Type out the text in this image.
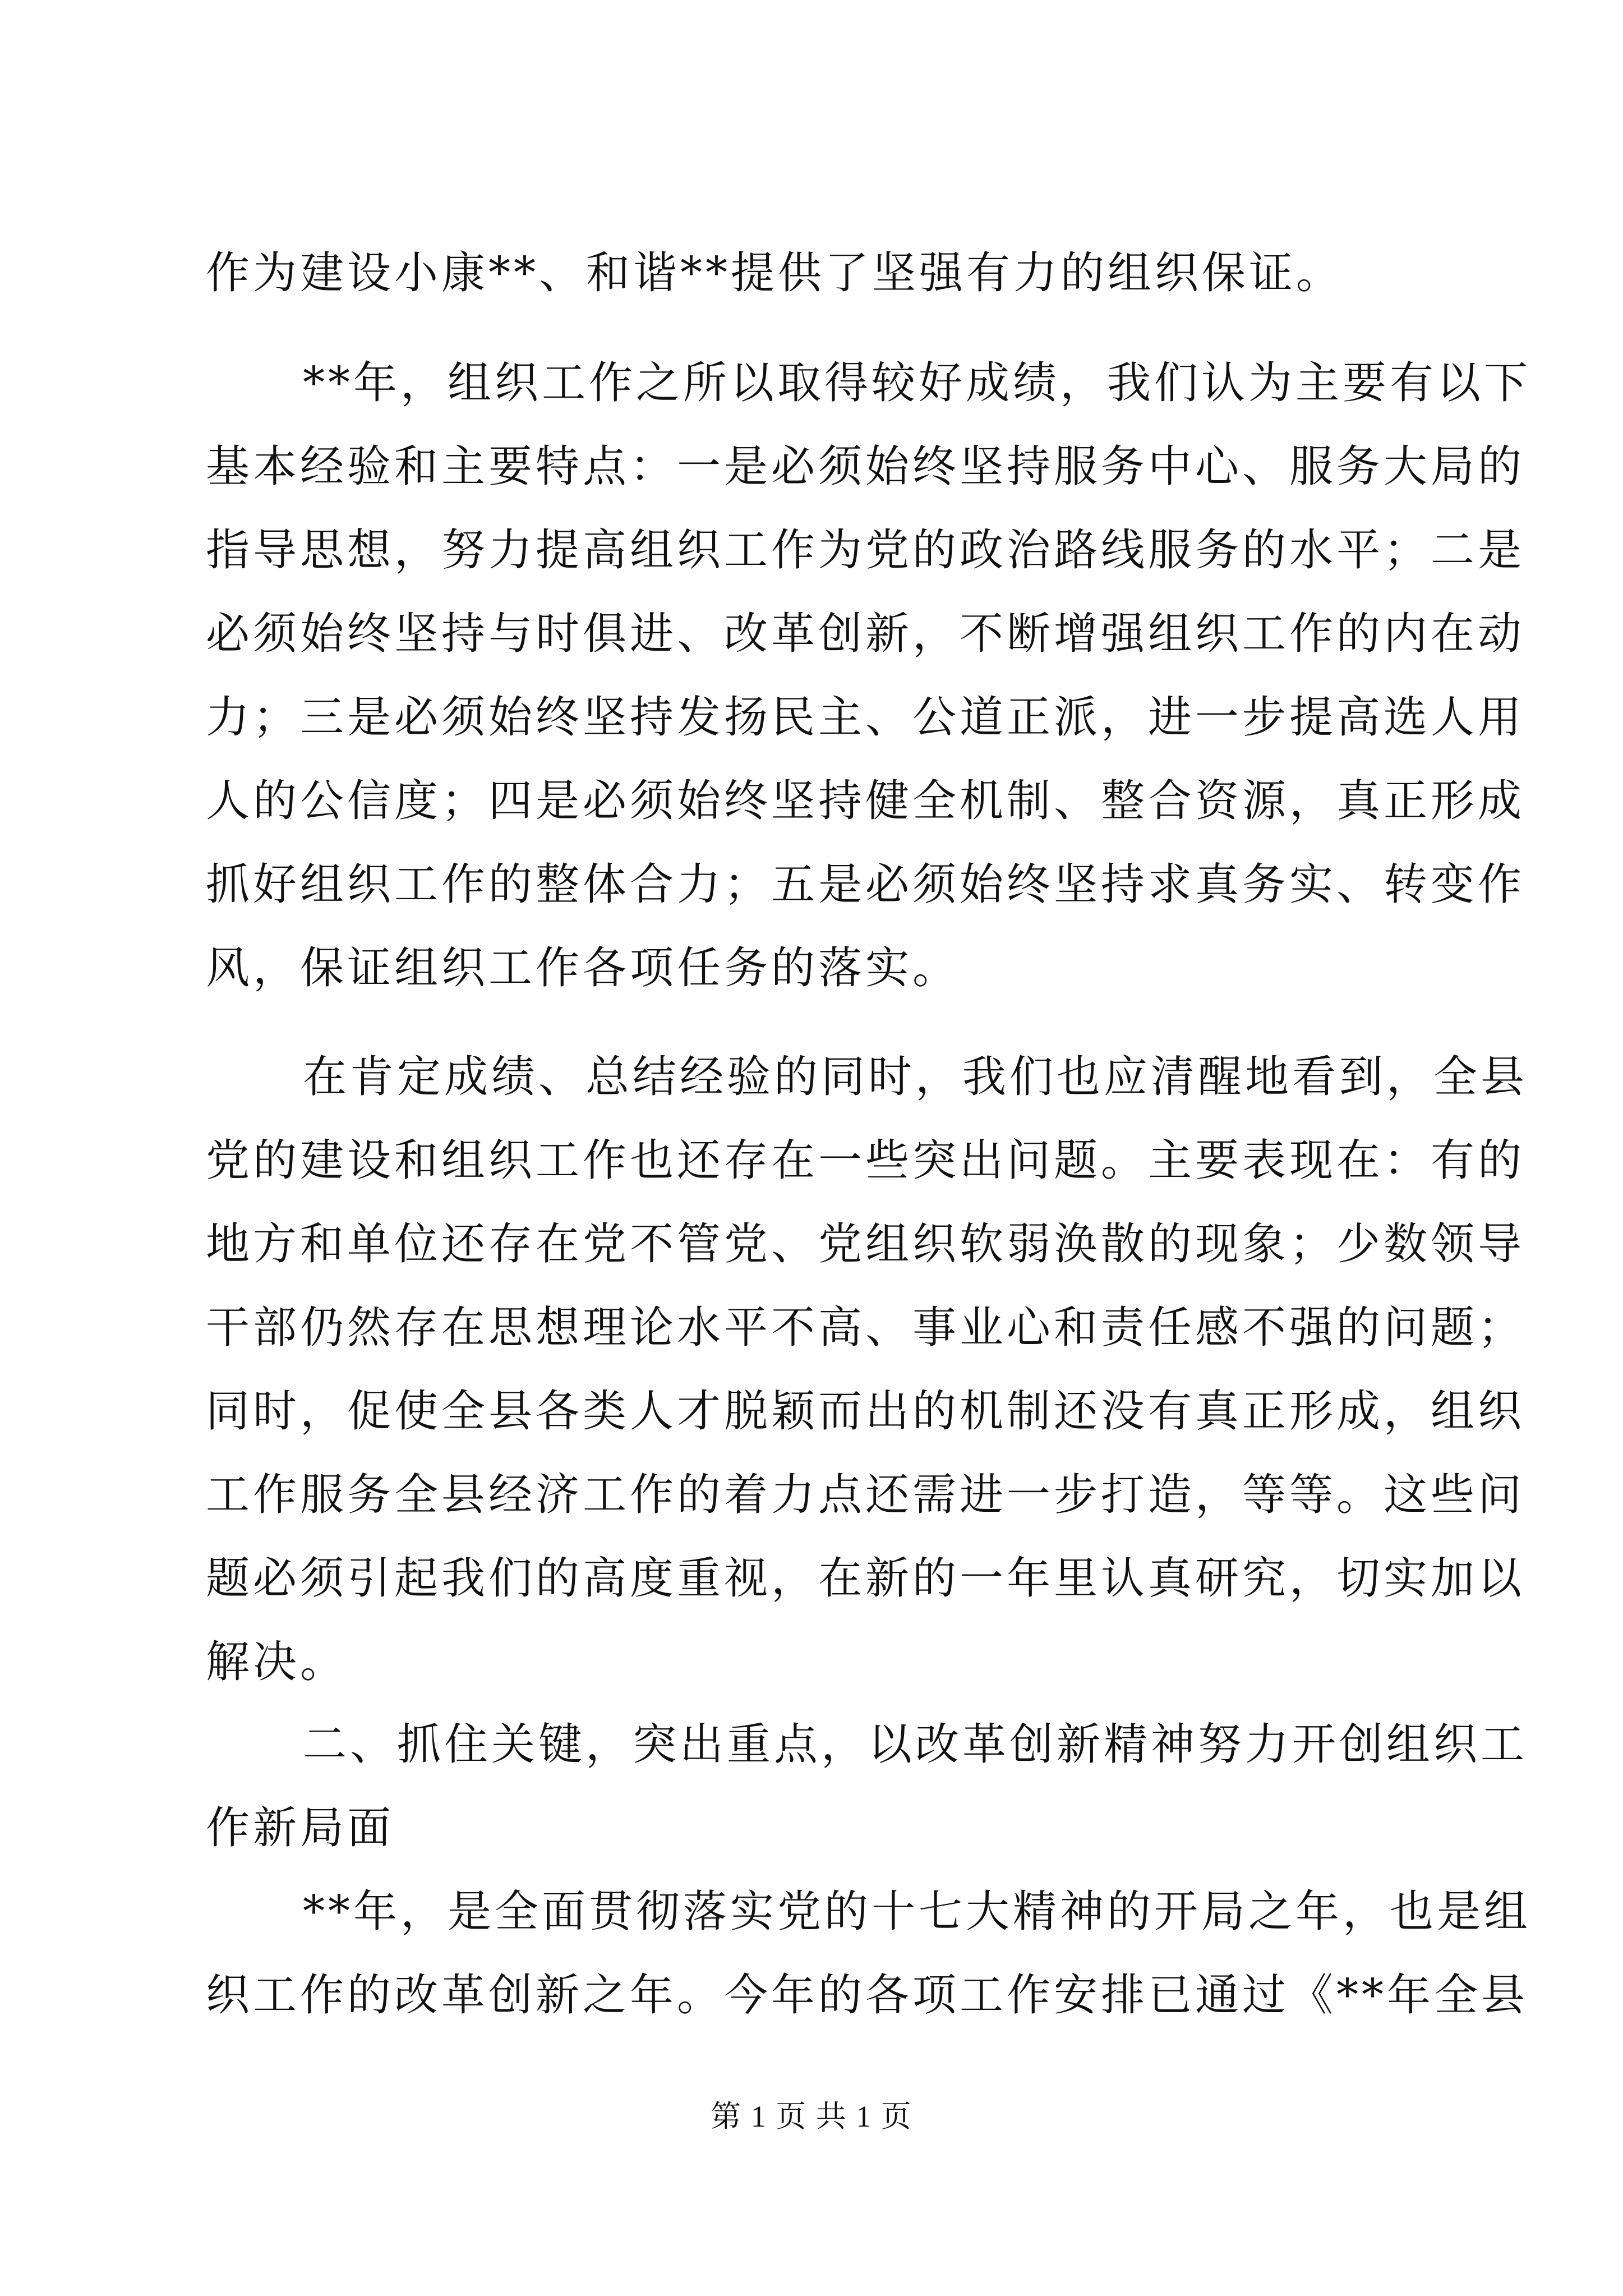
作为建设小康**、和谐**提供了坚强有力的组织保证。
**年，组织工作之所以取得较好成绩，我们认为主要有以下
基本经验和主要特点：一是必须始终坚持服务中心、服务大局的
指导思想，努力提高组织工作为党的政治路线服务的水平；二是
必须始终坚持与时俱进、改革创新，不断增强组织工作的内在动
力；三是必须始终坚持发扬民主、公道正派，进一步提高选人用
人的公信度；四是必须始终坚持健全机制、整合资源，真正形成
抓好组织工作的整体合力；五是必须始终坚持求真务实、转变作
风，保证组织工作各项任务的落实。
在肯定成绩、总结经验的同时，我们也应清醒地看到，全县
党的建设和组织工作也还存在一些突出问题。主要表现在：有的
地方和单位还存在党不管党、党组织软弱涣散的现象；少数领导
干部仍然存在思想理论水平不高、事业心和责任感不强的问题；
同时，促使全县各类人才脱颖而出的机制还没有真正形成，组织
工作服务全县经济工作的着力点还需进一步打造，等等。这些问
题必须引起我们的高度重视，在新的一年里认真研究，切实加以
解决。
二、抓住关键，突出重点，以改革创新精神努力开创组织工
作新局面
**年，是全面贯彻落实党的十七大精神的开局之年，也是组
织工作的改革创新之年。今年的各项工作安排已通过《**年全县
第 1 页 共 1 页
